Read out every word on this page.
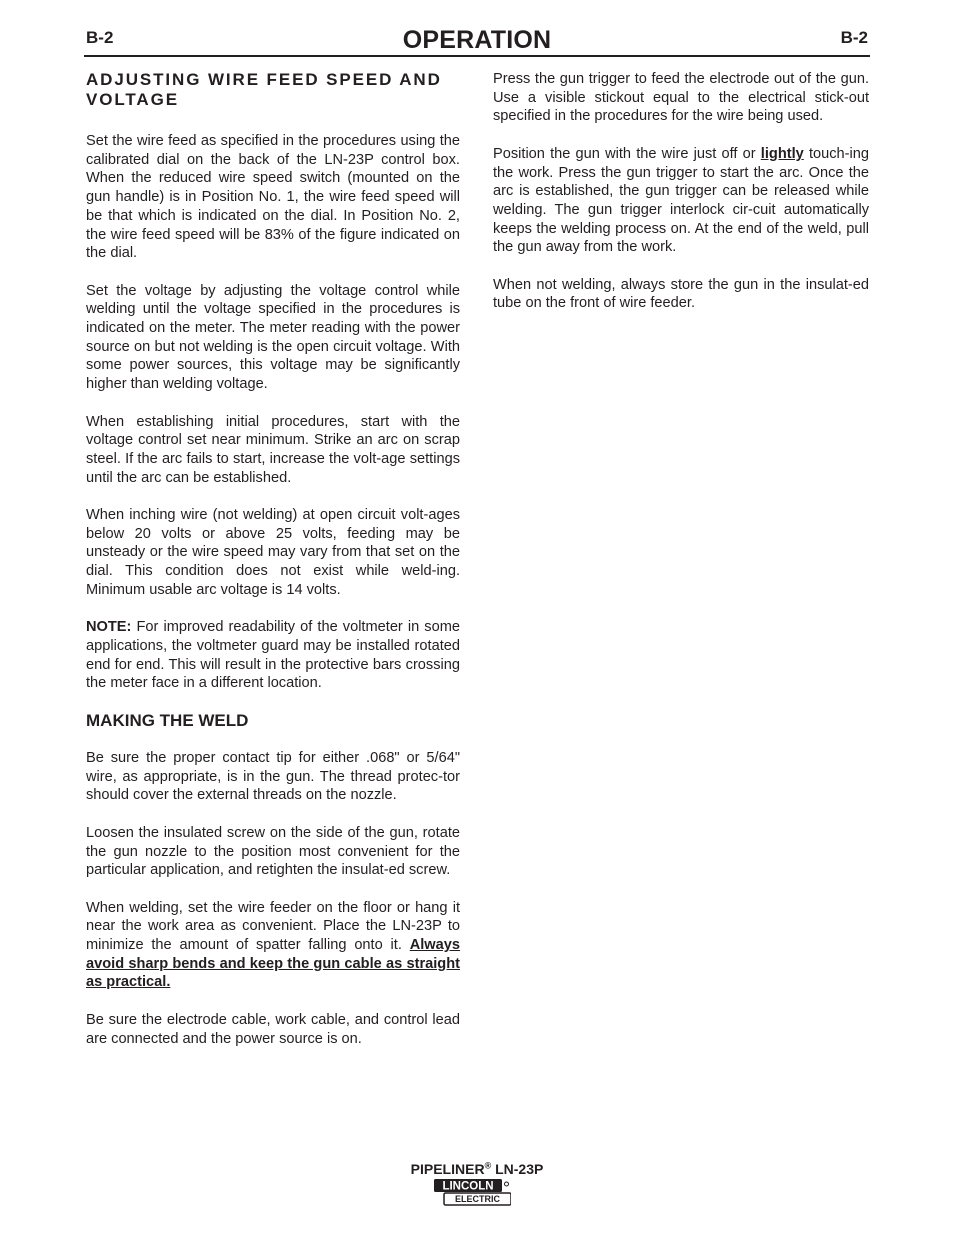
B-2	OPERATION	B-2
ADJUSTING WIRE FEED SPEED AND VOLTAGE

Set the wire feed as specified in the procedures using the calibrated dial on the back of the LN-23P control box. When the reduced wire speed switch (mounted on the gun handle) is in Position No. 1, the wire feed speed will be that which is indicated on the dial. In Position No. 2, the wire feed speed will be 83% of the figure indicated on the dial.

Set the voltage by adjusting the voltage control while welding until the voltage specified in the procedures is indicated on the meter. The meter reading with the power source on but not welding is the open circuit voltage. With some power sources, this voltage may be significantly higher than welding voltage.

When establishing initial procedures, start with the voltage control set near minimum. Strike an arc on scrap steel. If the arc fails to start, increase the volt-age settings until the arc can be established.

When inching wire (not welding) at open circuit volt-ages below 20 volts or above 25 volts, feeding may be unsteady or the wire speed may vary from that set on the dial. This condition does not exist while weld-ing. Minimum usable arc voltage is 14 volts.

NOTE: For improved readability of the voltmeter in some applications, the voltmeter guard may be installed rotated end for end. This will result in the protective bars crossing the meter face in a different location.

MAKING THE WELD

Be sure the proper contact tip for either .068" or 5/64" wire, as appropriate, is in the gun. The thread protec-tor should cover the external threads on the nozzle.

Loosen the insulated screw on the side of the gun, rotate the gun nozzle to the position most convenient for the particular application, and retighten the insulat-ed screw.

When welding, set the wire feeder on the floor or hang it near the work area as convenient. Place the LN-23P to minimize the amount of spatter falling onto it. Always avoid sharp bends and keep the gun cable as straight as practical.

Be sure the electrode cable, work cable, and control lead are connected and the power source is on.

Press the gun trigger to feed the electrode out of the gun. Use a visible stickout equal to the electrical stick-out specified in the procedures for the wire being used.

Position the gun with the wire just off or lightly touch-ing the work. Press the gun trigger to start the arc. Once the arc is established, the gun trigger can be released while welding. The gun trigger interlock cir-cuit automatically keeps the welding process on. At the end of the weld, pull the gun away from the work.

When not welding, always store the gun in the insulat-ed tube on the front of wire feeder.

PIPELINER® LN-23P
LINCOLN
ELECTRIC
